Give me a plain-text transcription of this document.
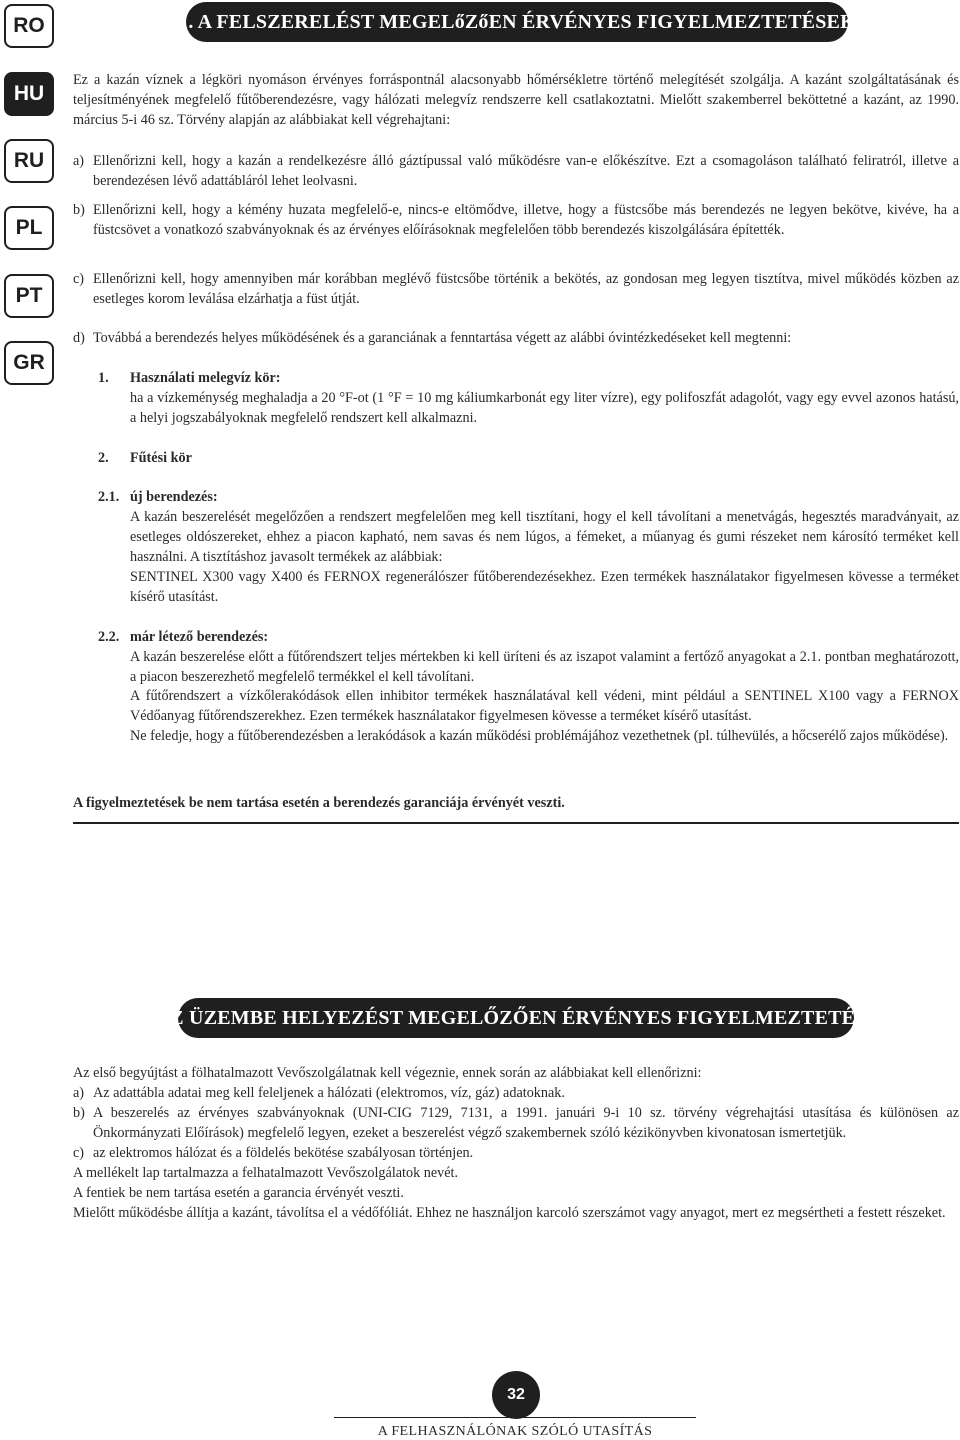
RO
HU
RU
PL
PT
GR
1. A FELSZERELÉST MEGELőZőEN ÉRVÉNYES FIGYELMEZTETÉSEK

Ez a kazán víznek a légköri nyomáson érvényes forráspontnál alacsonyabb hőmérsékletre történő melegítését szolgálja. A kazánt szolgáltatásának és teljesítményének megfelelő fűtőberendezésre, vagy hálózati melegvíz rendszerre kell csatlakoztatni. Mielőtt szakemberrel beköttetné a kazánt, az 1990. március 5-i 46 sz. Törvény alapján az alábbiakat kell végrehajtani:

a) Ellenőrizni kell, hogy a kazán a rendelkezésre álló gáztípussal való működésre van-e előkészítve. Ezt a csomagoláson található feliratról, illetve a berendezésen lévő adattábláról lehet leolvasni.

b) Ellenőrizni kell, hogy a kémény huzata megfelelő-e, nincs-e eltömődve, illetve, hogy a füstcsőbe más berendezés ne legyen bekötve, kivéve, ha a füstcsövet a vonatkozó szabványoknak és az érvényes előírásoknak megfelelően több berendezés kiszolgálására építették.

c) Ellenőrizni kell, hogy amennyiben már korábban meglévő füstcsőbe történik a bekötés, az gondosan meg legyen tisztítva, mivel működés közben az esetleges korom leválása elzárhatja a füst útját.

d) Továbbá a berendezés helyes működésének és a garanciának a fenntartása végett az alábbi óvintézkedéseket kell megtenni:

1. Használati melegvíz kör:

ha a vízkeménység meghaladja a 20 °F-ot (1 °F = 10 mg káliumkarbonát egy liter vízre), egy polifoszfát adagolót, vagy egy evvel azonos hatású, a helyi jogszabályoknak megfelelő rendszert kell alkalmazni.

2. Fűtési kör
2.1. új berendezés:

A kazán beszerelését megelőzően a rendszert megfelelően meg kell tisztítani, hogy el kell távolítani a menetvágás, hegesztés maradványait, az esetleges oldószereket, ehhez a piacon kapható, nem savas és nem lúgos, a fémeket, a műanyag és gumi részeket nem károsító terméket kell használni. A tisztításhoz javasolt termékek az alábbiak:

SENTINEL X300 vagy X400 és FERNOX regenerálószer fűtőberendezésekhez. Ezen termékek használatakor figyelmesen kövesse a terméket kísérő utasítást.

2.2. már létező berendezés:

A kazán beszerelése előtt a fűtőrendszert teljes mértekben ki kell üríteni és az iszapot valamint a fertőző anyagokat a 2.1. pontban meghatározott, a piacon beszerezhető megfelelő termékkel el kell távolítani.

A fűtőrendszert a vízkőlerakódások ellen inhibitor termékek használatával kell védeni, mint például a SENTINEL X100 vagy a FERNOX Védőanyag fűtőrendszerekhez. Ezen termékek használatakor figyelmesen kövesse a terméket kísérő utasítást.

Ne feledje, hogy a fűtőberendezésben a lerakódások a kazán működési problémájához vezethetnek (pl. túlhevülés, a hőcserélő zajos működése).

A figyelmeztetések be nem tartása esetén a berendezés garanciája érvényét veszti.

2. AZ ÜZEMBE HELYEZÉST MEGELŐZŐEN ÉRVÉNYES FIGYELMEZTETÉSEK

Az első begyújtást a fölhatalmazott Vevőszolgálatnak kell végeznie, ennek során az alábbiakat kell ellenőrizni:

a) Az adattábla adatai meg kell feleljenek a hálózati (elektromos, víz, gáz) adatoknak.

b) A beszerelés az érvényes szabványoknak (UNI-CIG 7129, 7131, a 1991. januári 9-i 10 sz. törvény végrehajtási utasítása és különösen az Önkormányzati Előírások) megfelelő legyen, ezeket a beszerelést végző szakembernek szóló kézikönyvben kivonatosan ismertetjük.

c) az elektromos hálózat és a földelés bekötése szabályosan történjen.

A mellékelt lap tartalmazza a felhatalmazott Vevőszolgálatok nevét.

A fentiek be nem tartása esetén a garancia érvényét veszti.

Mielőtt működésbe állítja a kazánt, távolítsa el a védőfóliát. Ehhez ne használjon karcoló szerszámot vagy anyagot, mert ez megsértheti a festett részeket.

32
A FELHASZNÁLÓNAK SZÓLÓ UTASÍTÁS
